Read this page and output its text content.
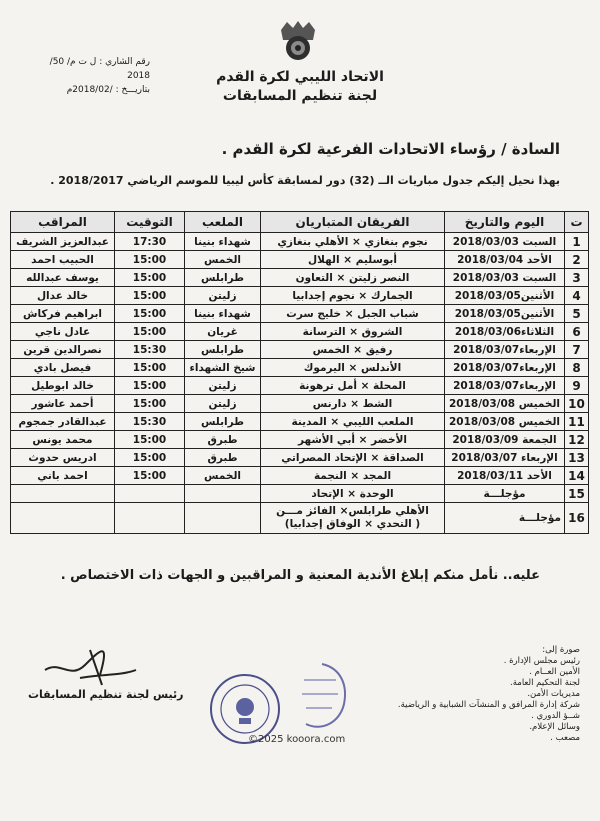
الاتحاد الليبي لكرة القدم
لجنة تنظيم المسابقات
رقم الشاري : ل ت م/ 50/ 2018
بتاريـــخ : /2018/02م
السادة / رؤساء الاتحادات الفرعية لكرة القدم .
بهذا نحيل إليكم جدول مباريات الــ (32) دور لمسابقة كأس ليبيا للموسم الرياضي 2018/2017 .
ت	اليوم والتاريخ	الفريقان المتباريان	الملعب	التوقيت	المراقب
1	السبت 2018/03/03	نجوم بنغازي × الأهلي بنغازي	شهداء بنينا	17:30	عبدالعزيز الشريف
2	الأحد 2018/03/04	أبوسليم × الهلال	الخمس	15:00	الحبيب احمد
3	السبت 2018/03/03	النصر زليتن × التعاون	طرابلس	15:00	يوسف عبدالله
4	الأثنين2018/03/05	الجمارك × نجوم إجدابيا	زليتن	15:00	خالد عدال
5	الأثنين2018/03/05	شباب الجبل × خليج سرت	شهداء بنينا	15:00	ابراهيم فركاش
6	الثلاثاء2018/03/06	الشروق × الترسانة	غريان	15:00	عادل ناجي
7	الإربعاء2018/03/07	رفيق × الخمس	طرابلس	15:30	نصرالدين قرين
8	الإربعاء2018/03/07	الأندلس × اليرموك	شيخ الشهداء	15:00	فيصل بادي
9	الإربعاء2018/03/07	المحلة × أمل ترهونة	زليتن	15:00	خالد ابوطيل
10	الخميس 2018/03/08	الشط × دارنس	زليتن	15:00	أحمد عاشور
11	الخميس 2018/03/08	الملعب الليبي × المدينة	طرابلس	15:30	عبدالقادر جمجوم
12	الجمعة 2018/03/09	الأخضر × أبي الأشهر	طبرق	15:00	محمد يونس
13	الإربعاء 2018/03/07	الصداقة × الإتحاد المصراتي	طبرق	15:00	ادريس حدوث
14	الأحد 2018/03/11	المجد × النجمة	الخمس	15:00	احمد باني
15	مؤجلـــة	الوحدة × الإتحاد			
16	مؤجلـــة	الأهلي طرابلس× الفائز مـــن
( التحدي × الوفاق إجدابيا)			

عليه.. نأمل منكم إبلاغ الأندية المعنية و المراقبين و الجهات ذات الاختصاص .
رئيس لجنة تنظيم المسابقات
©2025 kooora.com
صورة إلى:
رئيس مجلس الإدارة .
الأمين العــام .
لجنة التحكيم العامة.
مديريات الأمن.
شركة إدارة المرافق و المنشآت الشبابية و الرياضية.
شــؤ الدوري .
وسائل الإعلام.
مصعب .
